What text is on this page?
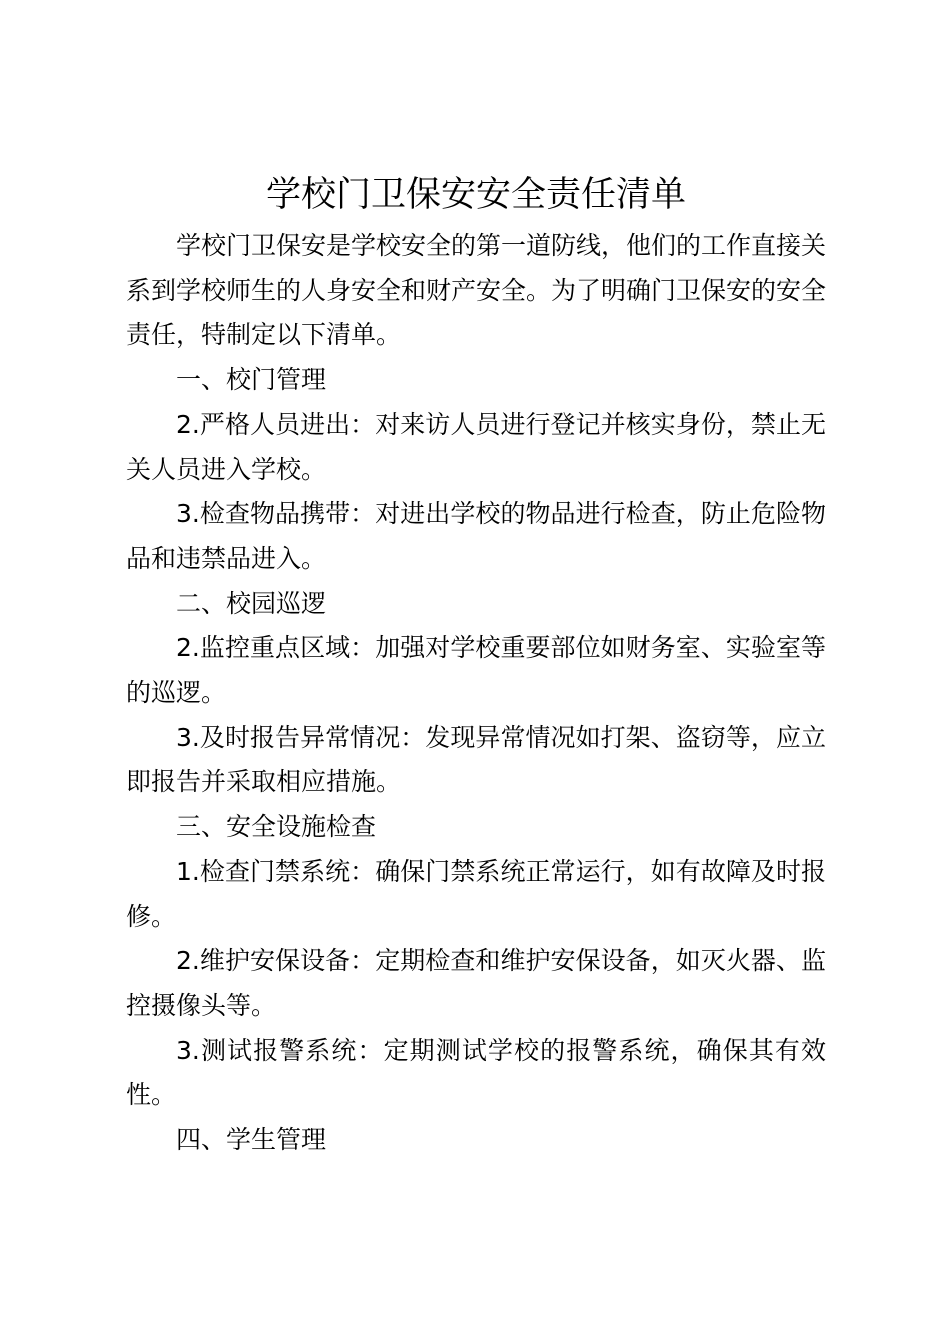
学校门卫保安安全责任清单

学校门卫保安是学校安全的第一道防线，他们的工作直接关系到学校师生的人身安全和财产安全。为了明确门卫保安的安全责任，特制定以下清单。

一、校门管理

2.严格人员进出：对来访人员进行登记并核实身份，禁止无关人员进入学校。

3.检查物品携带：对进出学校的物品进行检查，防止危险物品和违禁品进入。

二、校园巡逻

2.监控重点区域：加强对学校重要部位如财务室、实验室等的巡逻。

3.及时报告异常情况：发现异常情况如打架、盗窃等，应立即报告并采取相应措施。

三、安全设施检查

1.检查门禁系统：确保门禁系统正常运行，如有故障及时报修。

2.维护安保设备：定期检查和维护安保设备，如灭火器、监控摄像头等。

3.测试报警系统：定期测试学校的报警系统，确保其有效性。

四、学生管理
